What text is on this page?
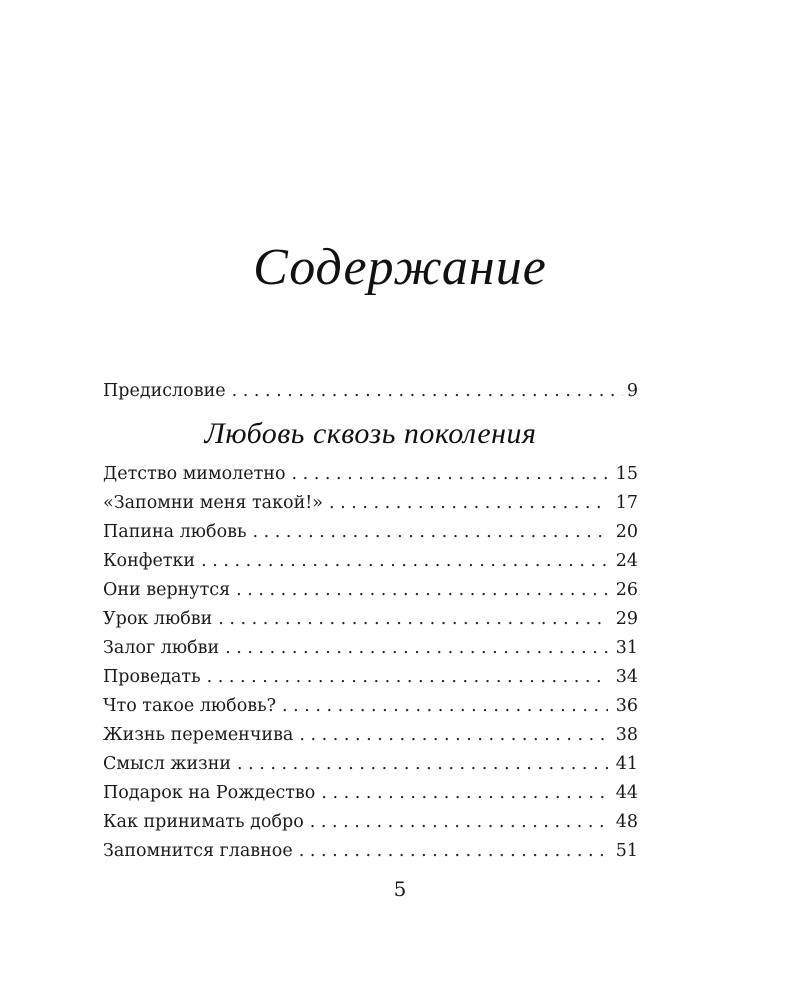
Содержание
Предисловие . . .	9
Любовь сквозь поколения
Детство мимолетно . . .	15
«Запомни меня такой!» . . .	17
Папина любовь . . .	20
Конфетки . . .	24
Они вернутся . . .	26
Урок любви . . .	29
Залог любви . . .	31
Проведать . . .	34
Что такое любовь? . . .	36
Жизнь переменчива . . .	38
Смысл жизни . . .	41
Подарок на Рождество . . .	44
Как принимать добро . . .	48
Запомнится главное . . .	51
5
